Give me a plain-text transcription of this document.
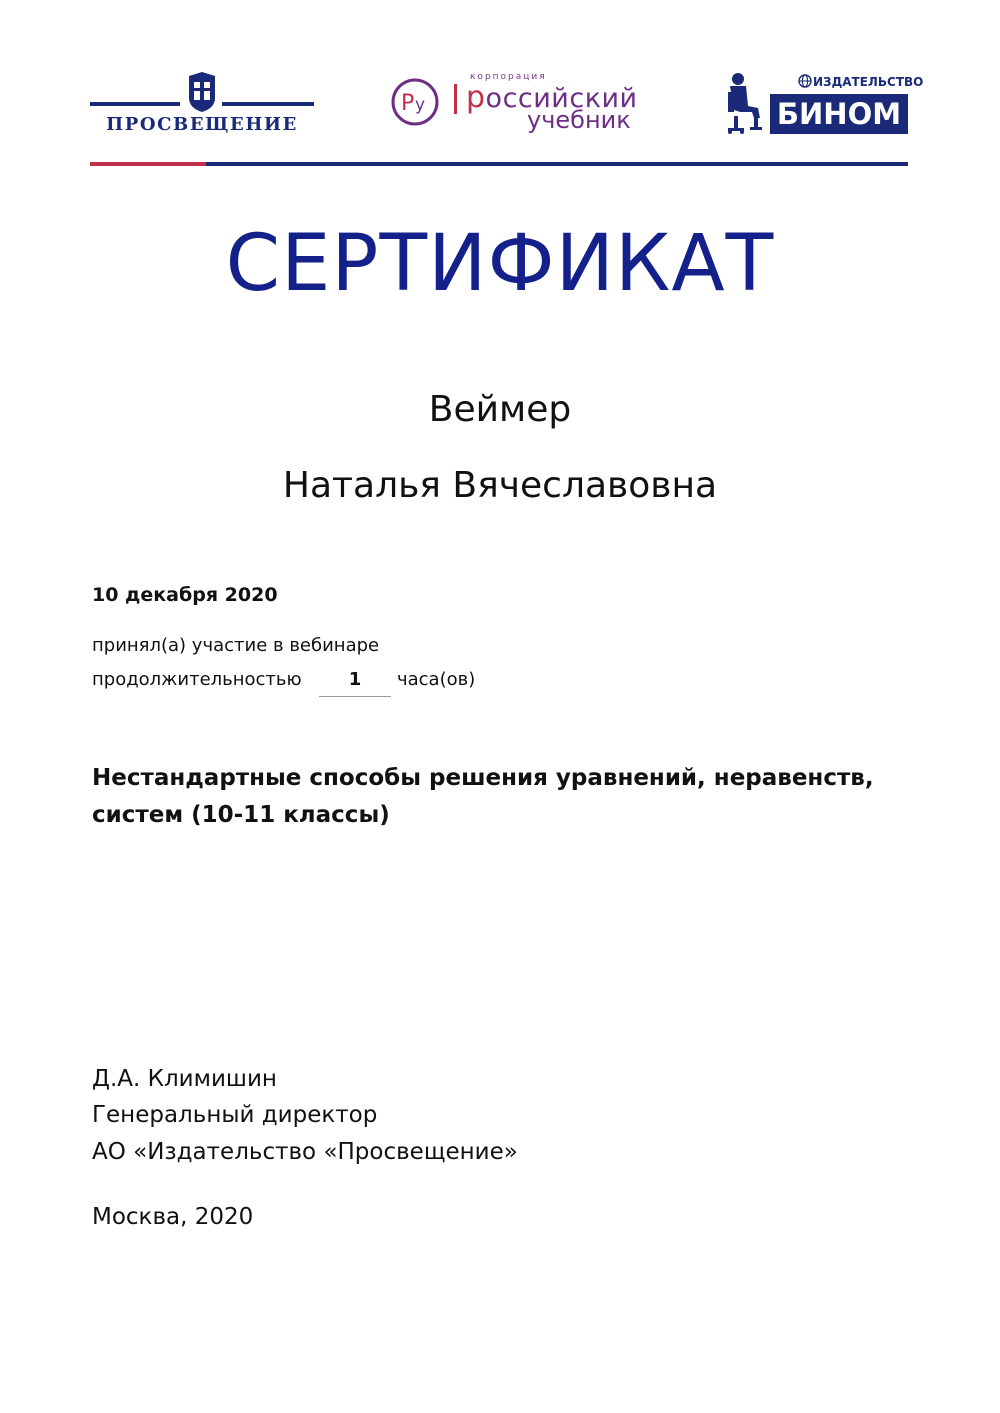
ПРОСВЕЩЕНИЕ
P у
корпорация
российский
учебник
ИЗДАТЕЛЬСТВО
БИНОМ
СЕРТИФИКАТ
Веймер
Наталья Вячеславовна
10 декабря 2020
принял(а) участие в вебинаре
продолжительностью	1	часа(ов)
Нестандартные способы решения уравнений, неравенств, систем (10-11 классы)
Д.А. Климишин
Генеральный директор
АО «Издательство «Просвещение»
Москва, 2020
